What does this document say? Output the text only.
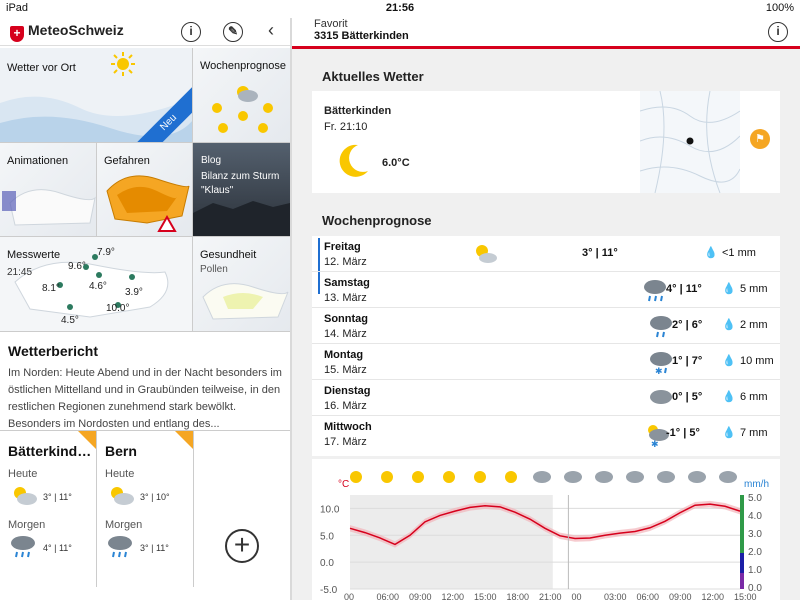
iPad	21:56	100%
+ MeteoSchweiz	i	✎ ‹	Favorit
3315 Bätterkinden	i
Wetter vor Ort
Neu
Wochenprognose
Animationen	Gefahren	Blog
Bilanz zum Sturm "Klaus"
Messwerte
21:45
7.9°
9.6°
4.6°
8.1°	3.9°
10.0°
4.5°
Gesundheit
Pollen
Wetterbericht

Im Norden: Heute Abend und in der Nacht besonders im östlichen Mittelland und in Graubünden teilweise, in den restlichen Regionen zunehmend stark bewölkt. Besonders im Nordosten und entlang des...

Bätterkind…
Heute
3° | 11°
Morgen
4° | 11°
Bern
Heute
3° | 10°
Morgen
3° | 11°	+
Aktuelles Wetter
Bätterkinden
Fr. 21:10
6.0°C
⚑
Wochenprognose
Freitag
12. März
3° | 11°	💧 <1 mm
Samstag
13. März
4° | 11° 💧 5 mm
Sonntag
14. März
2° | 6° 💧 2 mm
Montag
15. März	✱
1° | 7° 💧 10 mm
Dienstag
16. März
0° | 5° 💧 6 mm
Mittwoch
17. März	✱
-1° | 5° 💧 7 mm
°C	mm/h
10.0
5.0
0.0
-5.0
5.0
4.0
3.0
2.0
1.0
0.0
00 06:00 09:00 12:00 15:00 18:00 21:00 00 03:00 06:00 09:00 12:00 15:00
